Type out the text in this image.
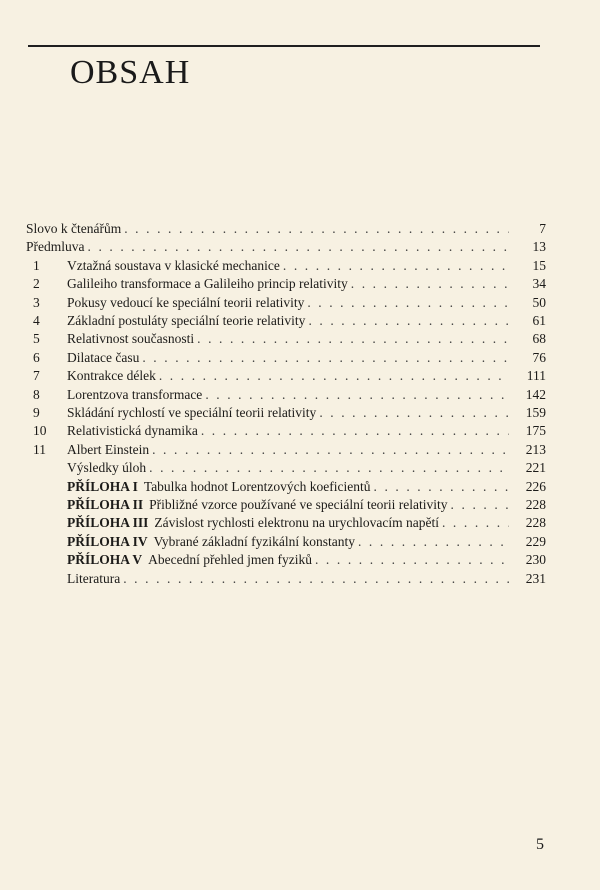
OBSAH
Slovo k čtenářům . . .	7
Předmluva . . .	13
1	Vztažná soustava v klasické mechanice . . .	15
2	Galileiho transformace a Galileiho princip relativity . . .	34
3	Pokusy vedoucí ke speciální teorii relativity . . .	50
4	Základní postuláty speciální teorie relativity . . .	61
5	Relativnost současnosti . . .	68
6	Dilatace času . . .	76
7	Kontrakce délek . . .	111
8	Lorentzova transformace . . .	142
9	Skládání rychlostí ve speciální teorii relativity . . .	159
10	Relativistická dynamika . . .	175
11	Albert Einstein . . .	213
Výsledky úloh . . .	221
PŘÍLOHA I Tabulka hodnot Lorentzových koeficientů . . .	226
PŘÍLOHA II Přibližné vzorce používané ve speciální teorii relativity . . .	228
PŘÍLOHA III Závislost rychlosti elektronu na urychlovacím napětí . . .	228
PŘÍLOHA IV Vybrané základní fyzikální konstanty . . .	229
PŘÍLOHA V Abecední přehled jmen fyziků . . .	230
Literatura . . .	231
5
